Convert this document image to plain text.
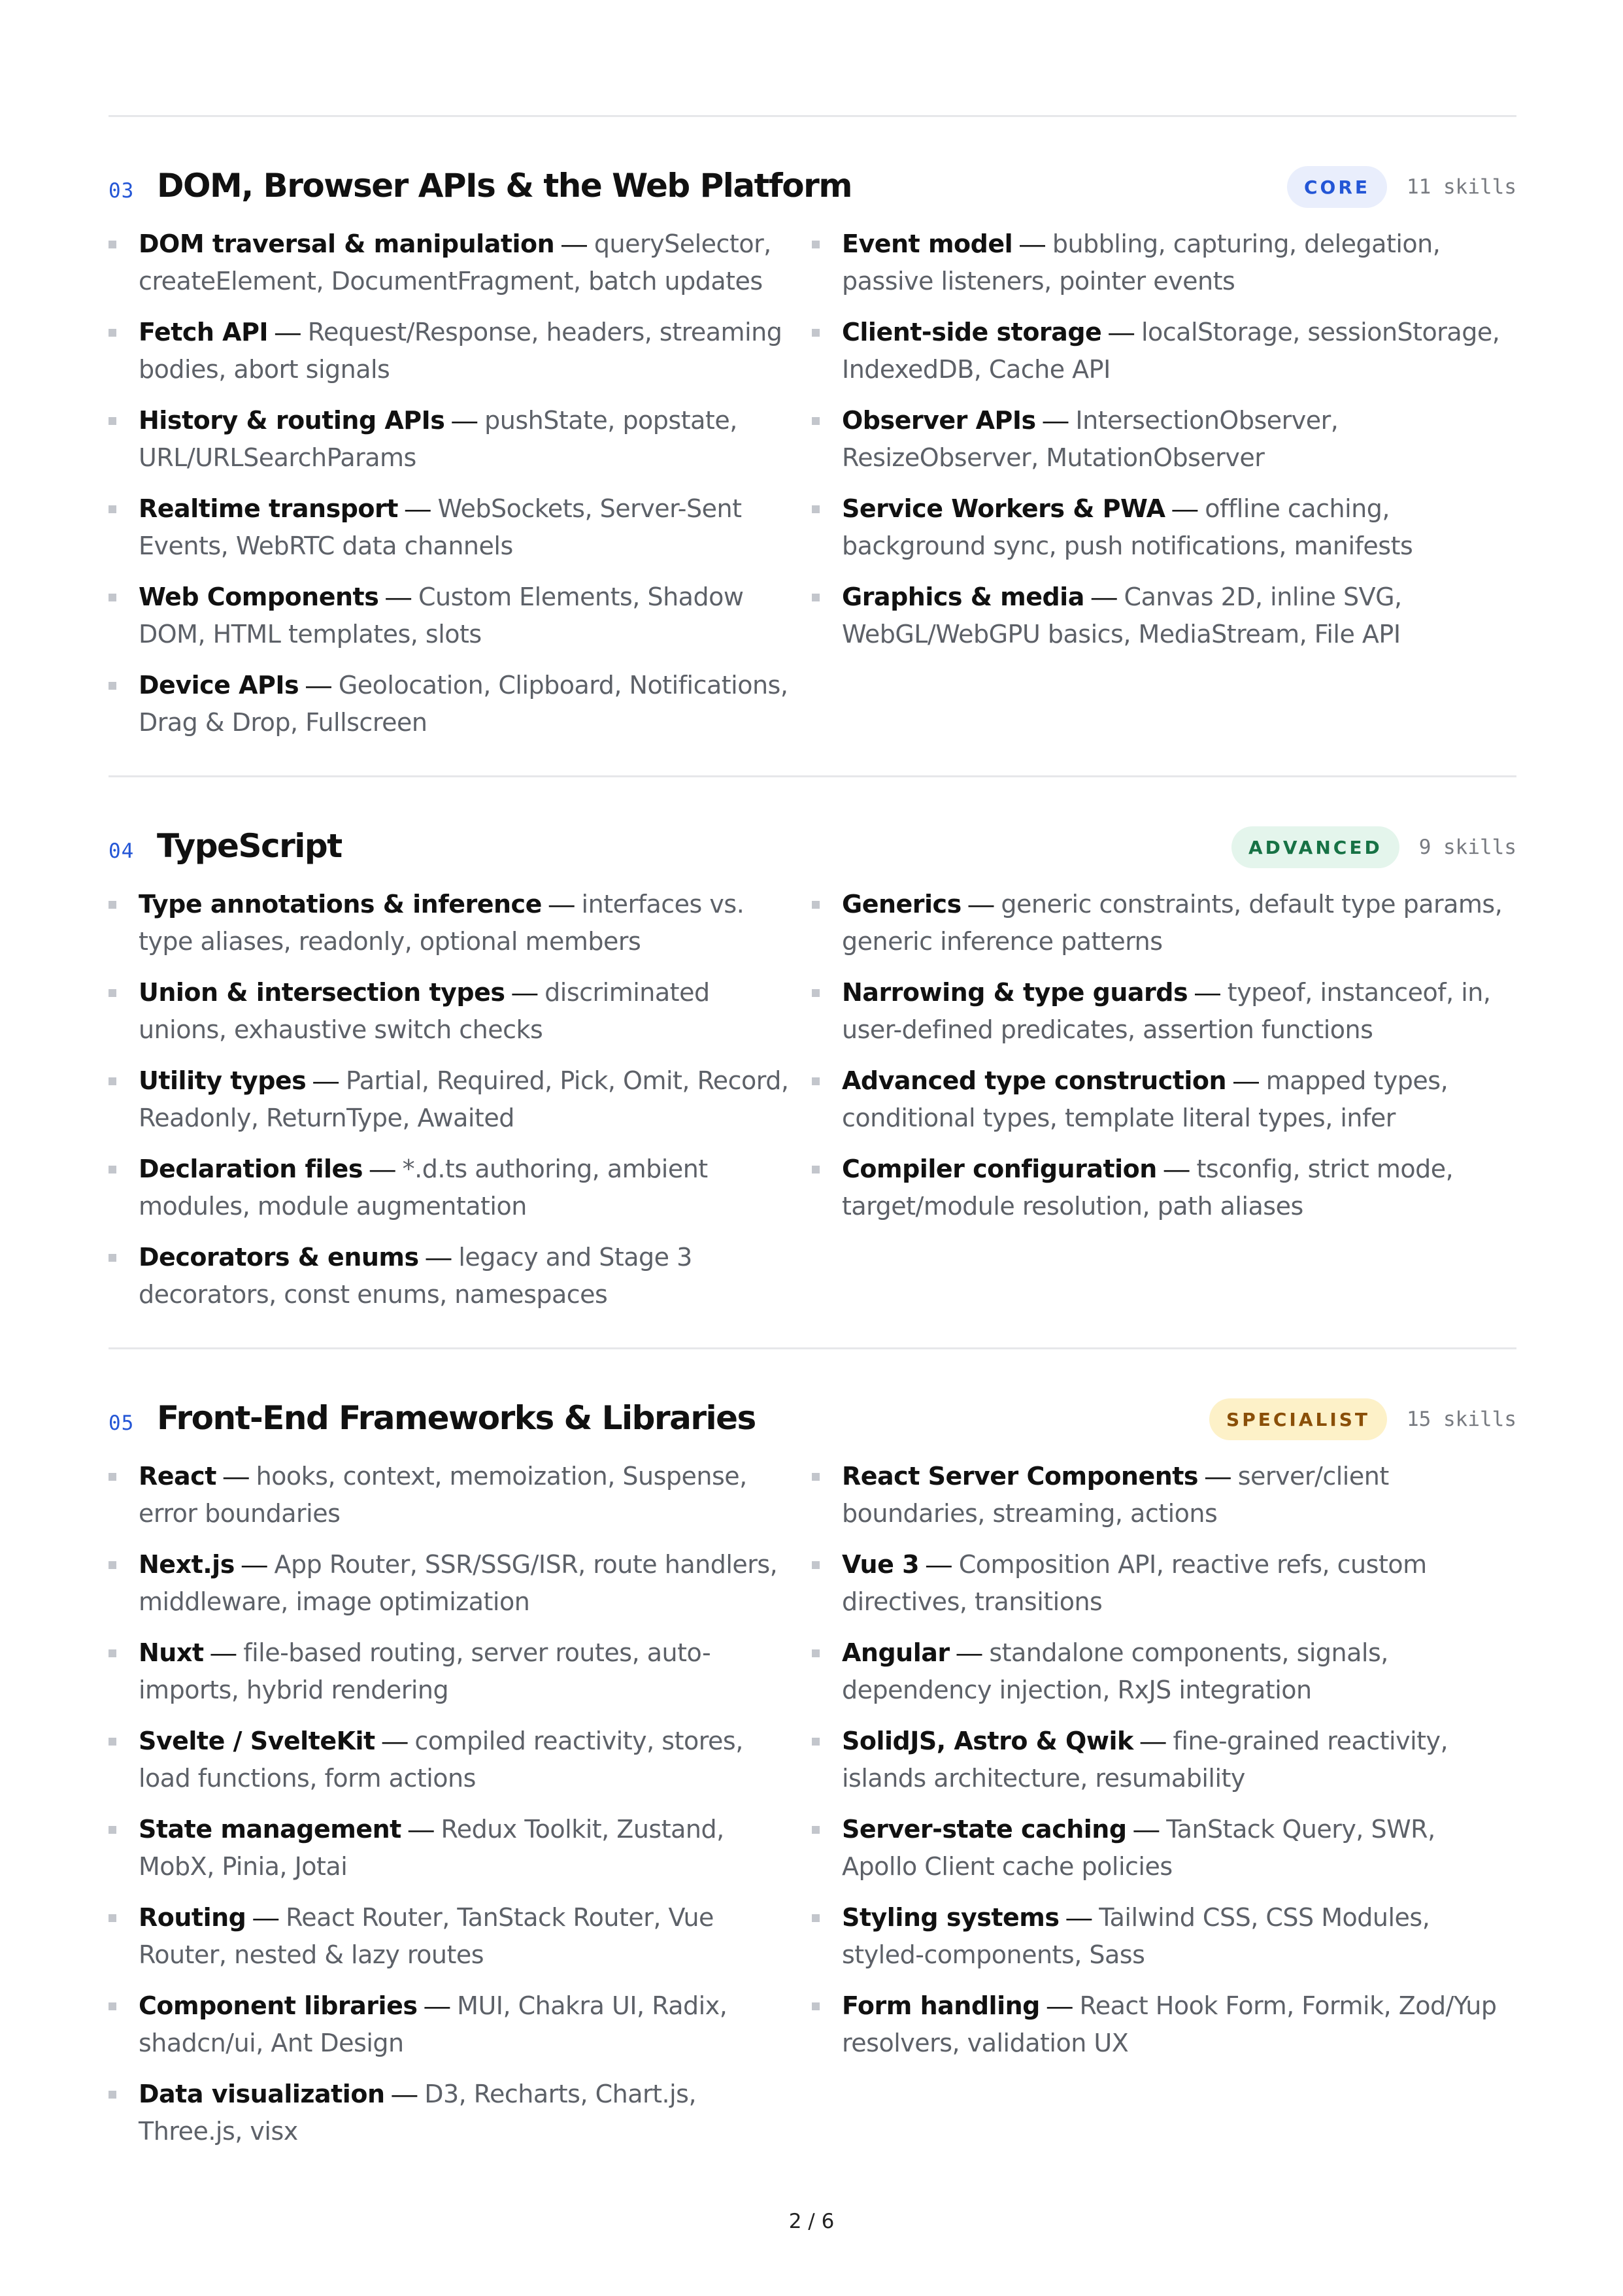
03 DOM, Browser APIs & the Web Platform	CORE	11 skills
DOM traversal & manipulation — querySelector, createElement, DocumentFragment, batch updates
Event model — bubbling, capturing, delegation, passive listeners, pointer events
Fetch API — Request/Response, headers, streaming bodies, abort signals
Client-side storage — localStorage, sessionStorage, IndexedDB, Cache API
History & routing APIs — pushState, popstate, URL/URLSearchParams
Observer APIs — IntersectionObserver, ResizeObserver, MutationObserver
Realtime transport — WebSockets, Server-Sent Events, WebRTC data channels
Service Workers & PWA — offline caching, background sync, push notifications, manifests
Web Components — Custom Elements, Shadow DOM, HTML templates, slots
Graphics & media — Canvas 2D, inline SVG, WebGL/WebGPU basics, MediaStream, File API
Device APIs — Geolocation, Clipboard, Notifications, Drag & Drop, Fullscreen
04 TypeScript	ADVANCED	9 skills
Type annotations & inference — interfaces vs. type aliases, readonly, optional members
Generics — generic constraints, default type params, generic inference patterns
Union & intersection types — discriminated unions, exhaustive switch checks
Narrowing & type guards — typeof, instanceof, in, user-defined predicates, assertion functions
Utility types — Partial, Required, Pick, Omit, Record, Readonly, ReturnType, Awaited
Advanced type construction — mapped types, conditional types, template literal types, infer
Declaration files — *.d.ts authoring, ambient modules, module augmentation
Compiler configuration — tsconfig, strict mode, target/module resolution, path aliases
Decorators & enums — legacy and Stage 3 decorators, const enums, namespaces
05 Front-End Frameworks & Libraries	SPECIALIST	15 skills
React — hooks, context, memoization, Suspense, error boundaries
React Server Components — server/client boundaries, streaming, actions
Next.js — App Router, SSR/SSG/ISR, route handlers, middleware, image optimization
Vue 3 — Composition API, reactive refs, custom directives, transitions
Nuxt — file-based routing, server routes, auto-imports, hybrid rendering
Angular — standalone components, signals, dependency injection, RxJS integration
Svelte / SvelteKit — compiled reactivity, stores, load functions, form actions
SolidJS, Astro & Qwik — fine-grained reactivity, islands architecture, resumability
State management — Redux Toolkit, Zustand, MobX, Pinia, Jotai
Server-state caching — TanStack Query, SWR, Apollo Client cache policies
Routing — React Router, TanStack Router, Vue Router, nested & lazy routes
Styling systems — Tailwind CSS, CSS Modules, styled-components, Sass
Component libraries — MUI, Chakra UI, Radix, shadcn/ui, Ant Design
Form handling — React Hook Form, Formik, Zod/Yup resolvers, validation UX
Data visualization — D3, Recharts, Chart.js, Three.js, visx
2 / 6
